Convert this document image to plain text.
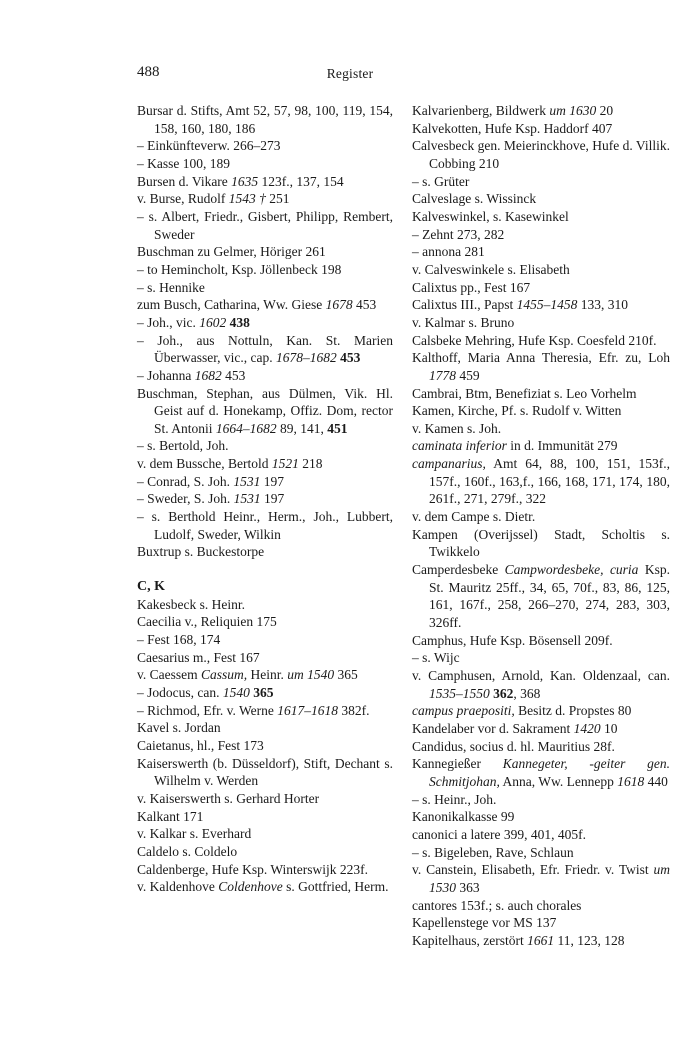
488	Register
Bursar d. Stifts, Amt 52, 57, 98, 100, 119, 154, 158, 160, 180, 186
– Einkünfteverw. 266–273
– Kasse 100, 189
Bursen d. Vikare 1635 123f., 137, 154
v. Burse, Rudolf 1543 † 251
– s. Albert, Friedr., Gisbert, Philipp, Rembert, Sweder
Buschman zu Gelmer, Höriger 261
– to Hemincholt, Ksp. Jöllenbeck 198
– s. Hennike
zum Busch, Catharina, Ww. Giese 1678 453
– Joh., vic. 1602 438
– Joh., aus Nottuln, Kan. St. Marien Überwasser, vic., cap. 1678–1682 453
– Johanna 1682 453
Buschman, Stephan, aus Dülmen, Vik. Hl. Geist auf d. Honekamp, Offiz. Dom, rector St. Antonii 1664–1682 89, 141, 451
– s. Bertold, Joh.
v. dem Bussche, Bertold 1521 218
– Conrad, S. Joh. 1531 197
– Sweder, S. Joh. 1531 197
– s. Berthold Heinr., Herm., Joh., Lubbert, Ludolf, Sweder, Wilkin
Buxtrup s. Buckestorpe
C, K
Kakesbeck s. Heinr.
Caecilia v., Reliquien 175
– Fest 168, 174
Caesarius m., Fest 167
v. Caessem Cassum, Heinr. um 1540 365
– Jodocus, can. 1540 365
– Richmod, Efr. v. Werne 1617–1618 382f.
Kavel s. Jordan
Caietanus, hl., Fest 173
Kaiserswerth (b. Düsseldorf), Stift, Dechant s. Wilhelm v. Werden
v. Kaiserswerth s. Gerhard Horter
Kalkant 171
v. Kalkar s. Everhard
Caldelo s. Coldelo
Caldenberge, Hufe Ksp. Winterswijk 223f.
v. Kaldenhove Coldenhove s. Gottfried, Herm.
Kalvarienberg, Bildwerk um 1630 20
Kalvekotten, Hufe Ksp. Haddorf 407
Calvesbeck gen. Meierinckhove, Hufe d. Villik. Cobbing 210
– s. Grüter
Calveslage s. Wissinck
Kalveswinkel, s. Kasewinkel
– Zehnt 273, 282
– annona 281
v. Calveswinkele s. Elisabeth
Calixtus pp., Fest 167
Calixtus III., Papst 1455–1458 133, 310
v. Kalmar s. Bruno
Calsbeke Mehring, Hufe Ksp. Coesfeld 210f.
Kalthoff, Maria Anna Theresia, Efr. zu, Loh 1778 459
Cambrai, Btm, Benefiziat s. Leo Vorhelm
Kamen, Kirche, Pf. s. Rudolf v. Witten
v. Kamen s. Joh.
caminata inferior in d. Immunität 279
campanarius, Amt 64, 88, 100, 151, 153f., 157f., 160f., 163,f., 166, 168, 171, 174, 180, 261f., 271, 279f., 322
v. dem Campe s. Dietr.
Kampen (Overijssel) Stadt, Scholtis s. Twikkelo
Camperdesbeke Campwordesbeke, curia Ksp. St. Mauritz 25ff., 34, 65, 70f., 83, 86, 125, 161, 167f., 258, 266–270, 274, 283, 303, 326ff.
Camphus, Hufe Ksp. Bösensell 209f.
– s. Wijc
v. Camphusen, Arnold, Kan. Oldenzaal, can. 1535–1550 362, 368
campus praepositi, Besitz d. Propstes 80
Kandelaber vor d. Sakrament 1420 10
Candidus, socius d. hl. Mauritius 28f.
Kannegießer Kannegeter, -geiter gen. Schmitjohan, Anna, Ww. Lennepp 1618 440
– s. Heinr., Joh.
Kanonikalkasse 99
canonici a latere 399, 401, 405f.
– s. Bigeleben, Rave, Schlaun
v. Canstein, Elisabeth, Efr. Friedr. v. Twist um 1530 363
cantores 153f.; s. auch chorales
Kapellenstege vor MS 137
Kapitelhaus, zerstört 1661 11, 123, 128
